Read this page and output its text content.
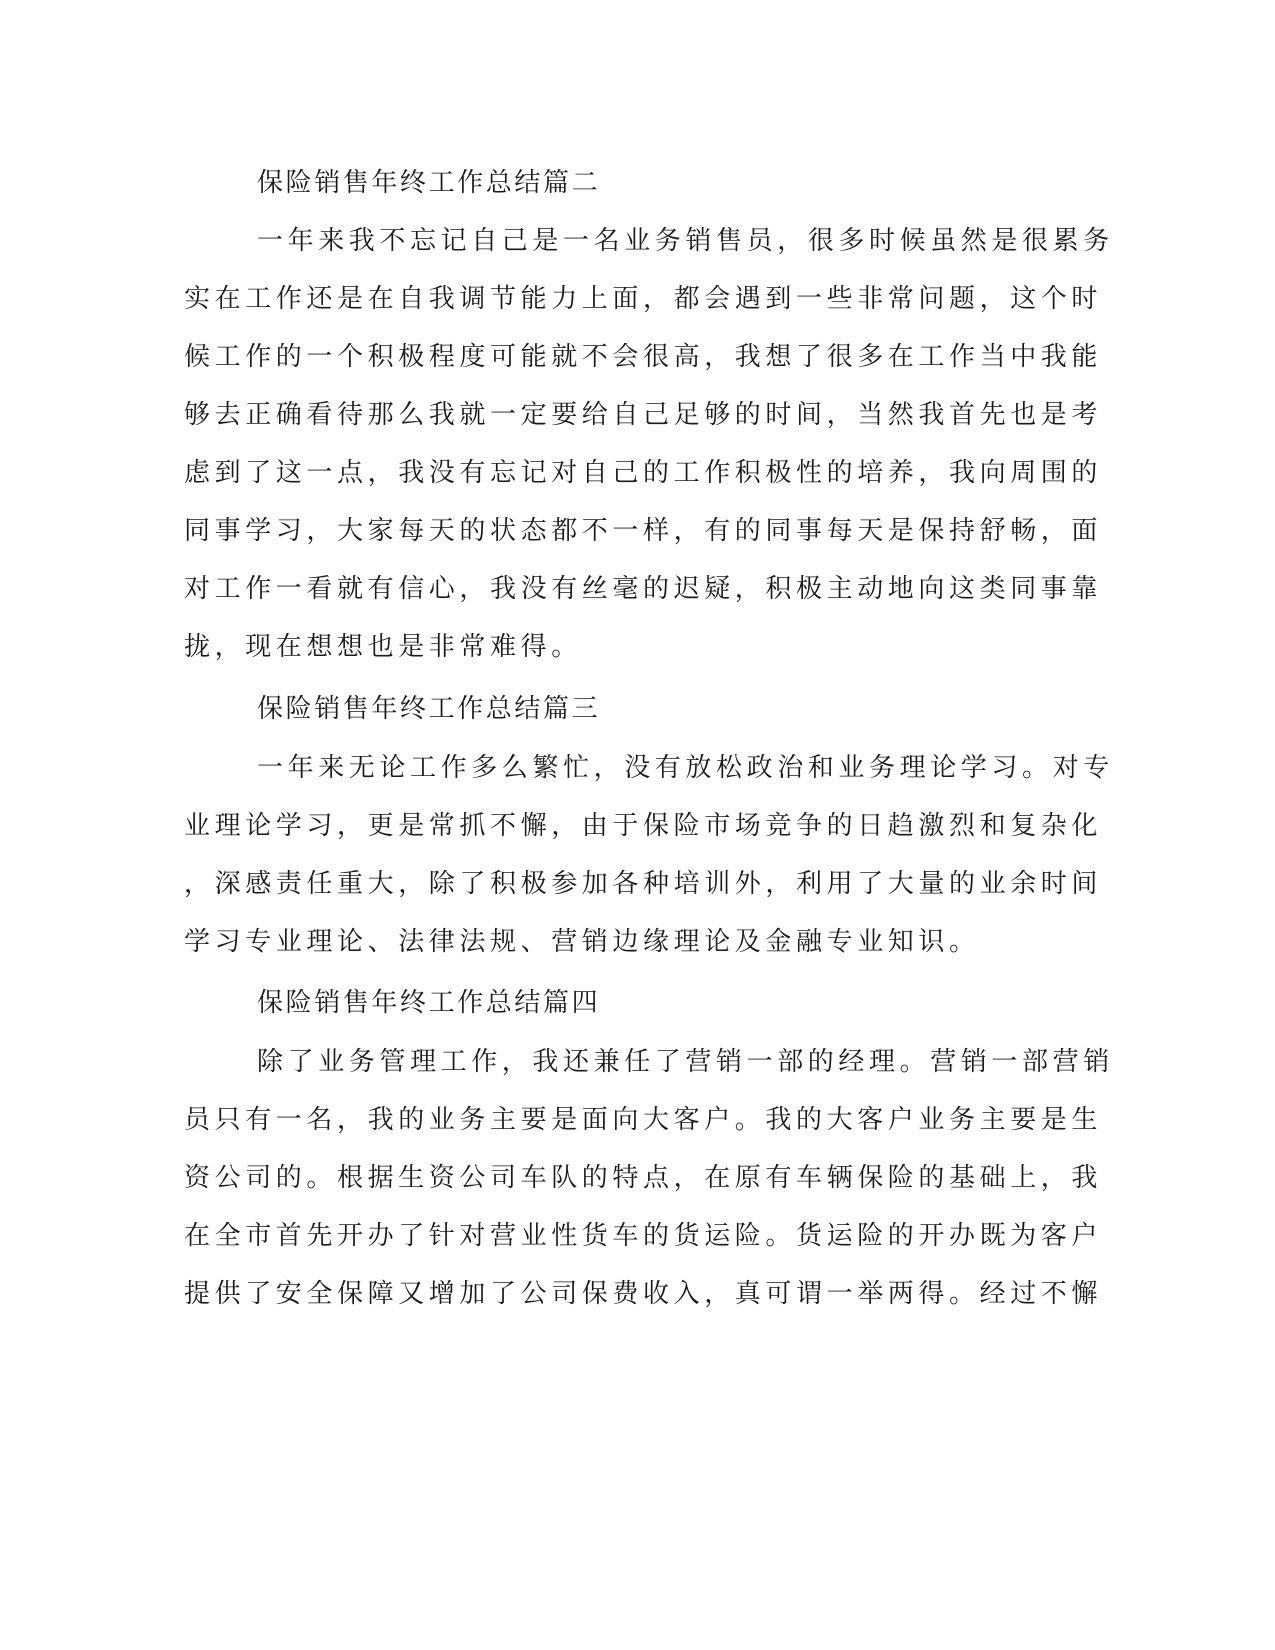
保险销售年终工作总结篇二
一年来我不忘记自己是一名业务销售员，很多时候虽然是很累务
实在工作还是在自我调节能力上面，都会遇到一些非常问题，这个时
候工作的一个积极程度可能就不会很高，我想了很多在工作当中我能
够去正确看待那么我就一定要给自己足够的时间，当然我首先也是考
虑到了这一点，我没有忘记对自己的工作积极性的培养，我向周围的
同事学习，大家每天的状态都不一样，有的同事每天是保持舒畅，面
对工作一看就有信心，我没有丝毫的迟疑，积极主动地向这类同事靠
拢，现在想想也是非常难得。
保险销售年终工作总结篇三
一年来无论工作多么繁忙，没有放松政治和业务理论学习。对专
业理论学习，更是常抓不懈，由于保险市场竞争的日趋激烈和复杂化
，深感责任重大，除了积极参加各种培训外，利用了大量的业余时间
学习专业理论、法律法规、营销边缘理论及金融专业知识。
保险销售年终工作总结篇四
除了业务管理工作，我还兼任了营销一部的经理。营销一部营销
员只有一名，我的业务主要是面向大客户。我的大客户业务主要是生
资公司的。根据生资公司车队的特点，在原有车辆保险的基础上，我
在全市首先开办了针对营业性货车的货运险。货运险的开办既为客户
提供了安全保障又增加了公司保费收入，真可谓一举两得。经过不懈
